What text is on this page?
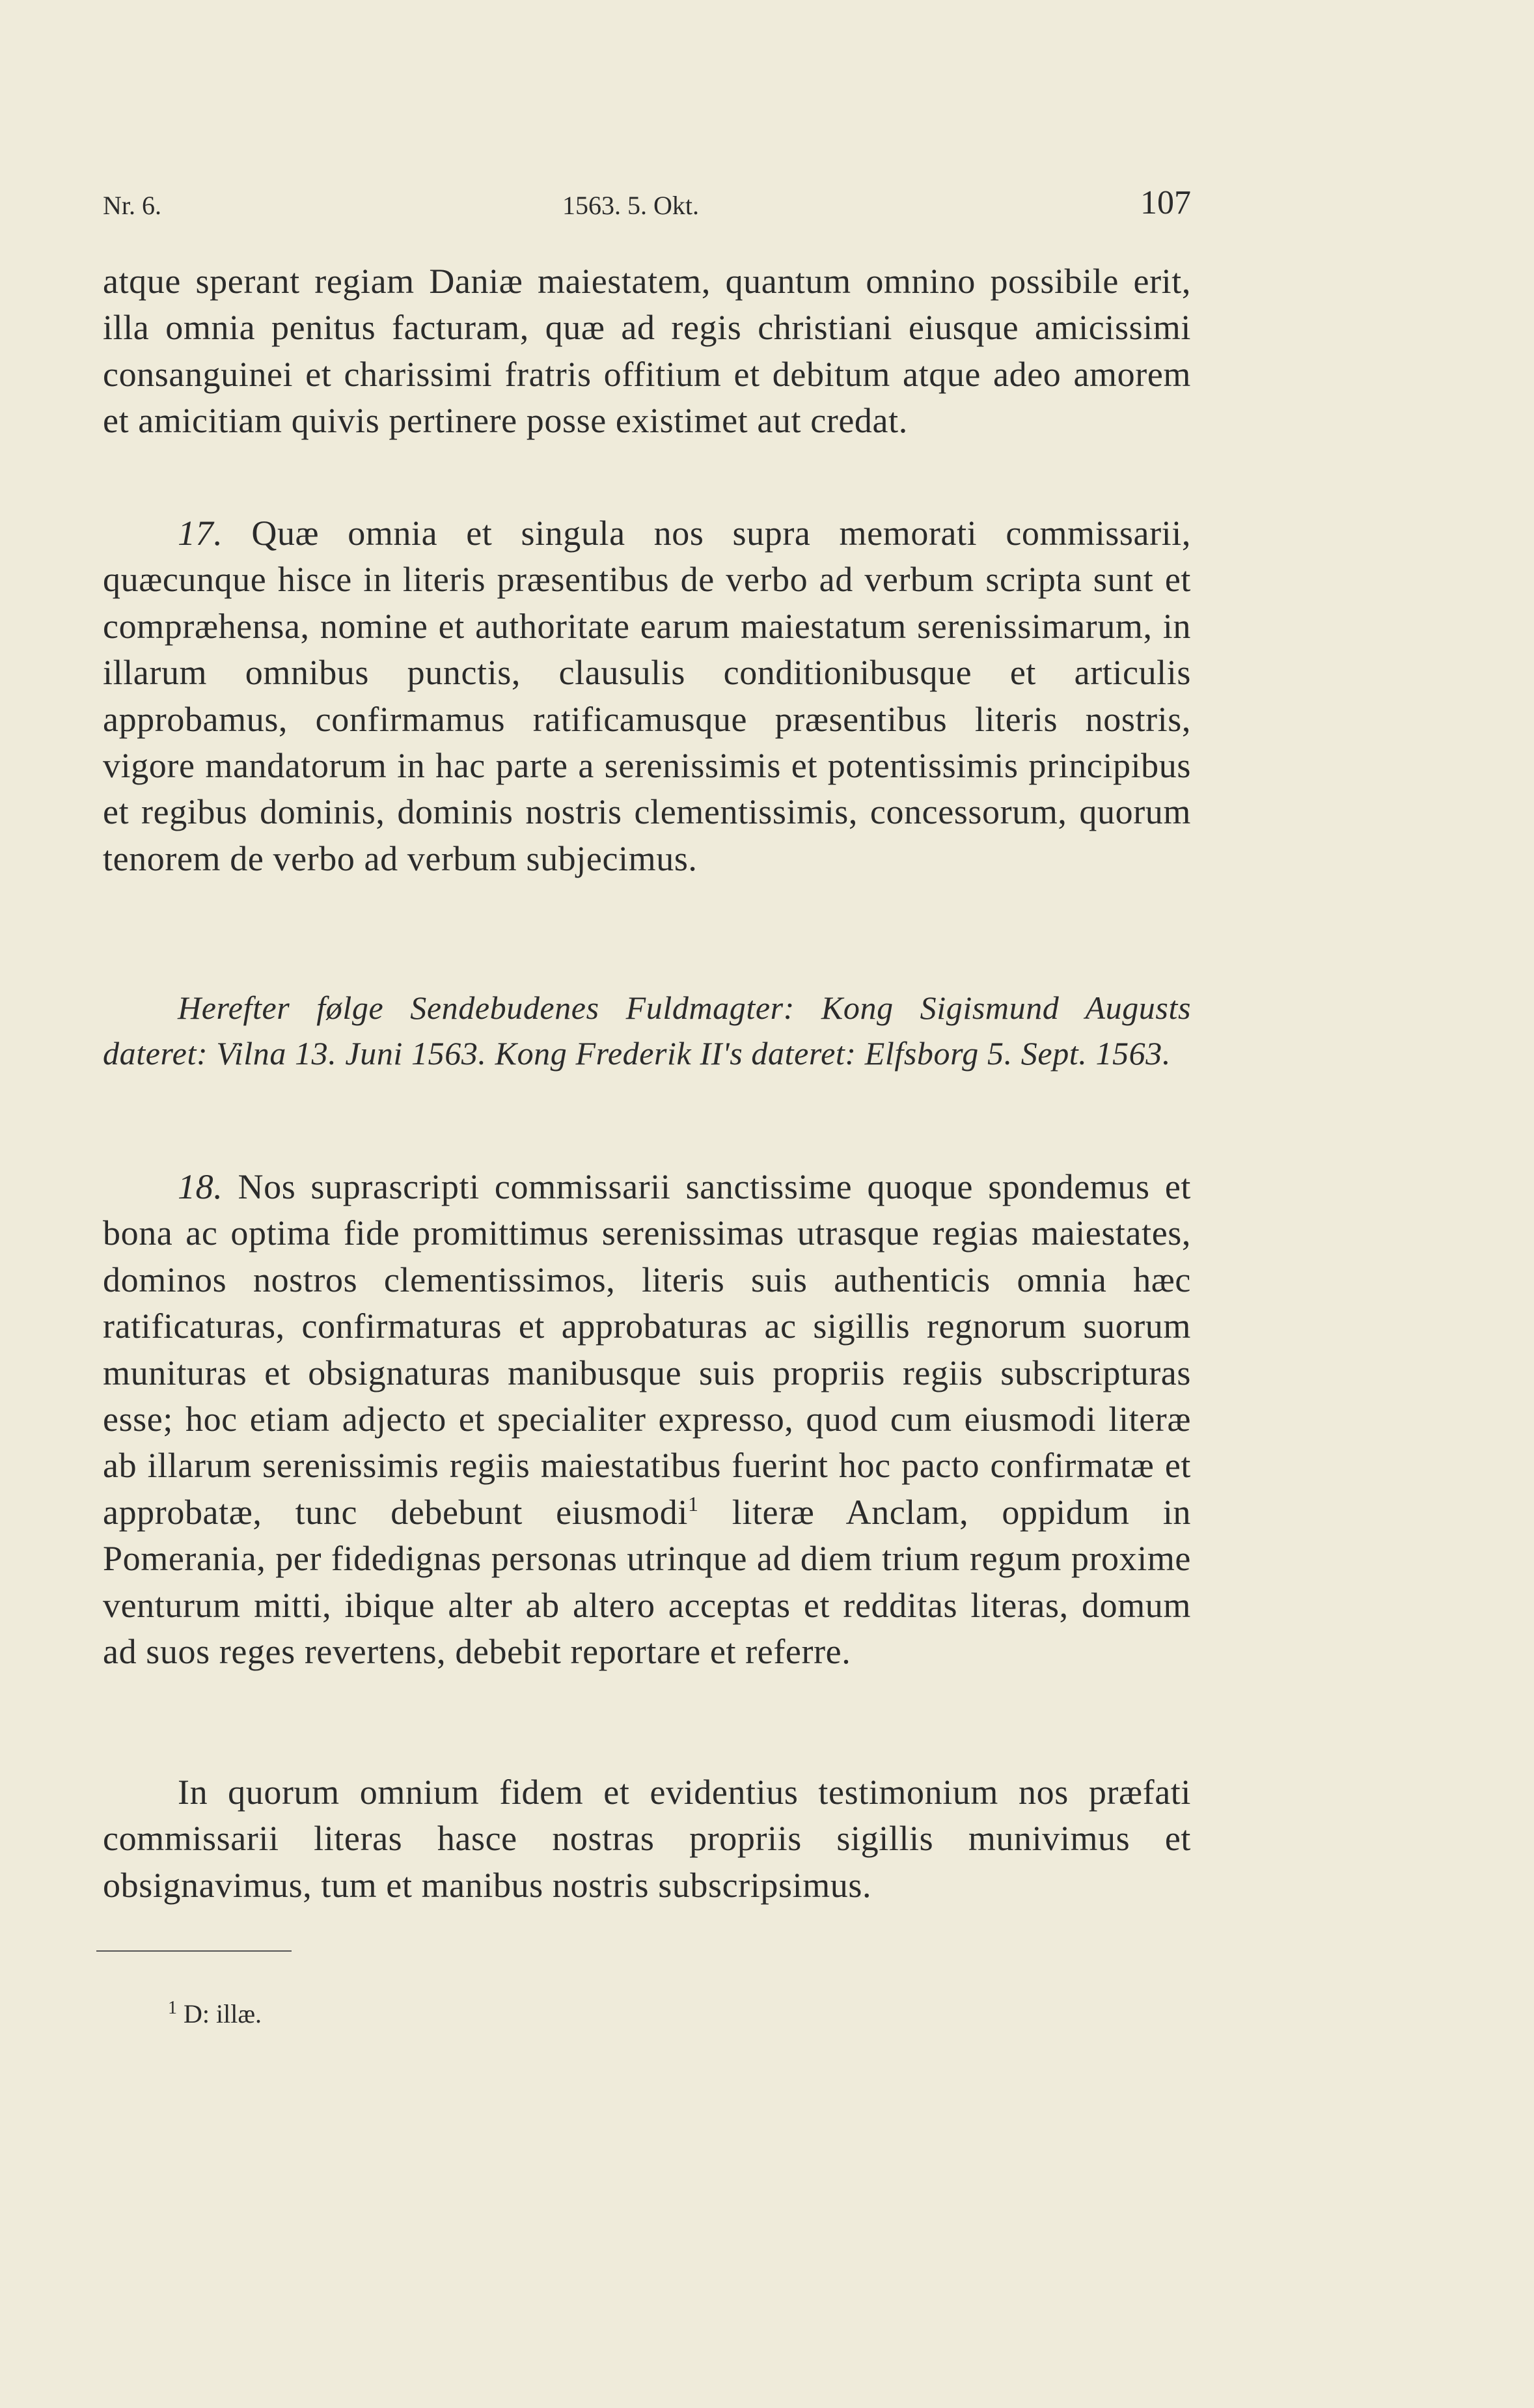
Nr. 6.	1563. 5. Okt.	107
atque sperant regiam Daniæ maiestatem, quantum omnino possibile erit, illa omnia penitus facturam, quæ ad regis christiani eiusque amicissimi consanguinei et charissimi fratris offitium et debitum atque adeo amorem et amicitiam quivis pertinere posse existimet aut credat.
17. Quæ omnia et singula nos supra memorati commissarii, quæcunque hisce in literis præsentibus de verbo ad verbum scripta sunt et compræhensa, nomine et authoritate earum maiestatum serenissimarum, in illarum omnibus punctis, clausulis conditionibusque et articulis approbamus, confirmamus ratificamusque præsentibus literis nostris, vigore mandatorum in hac parte a serenissimis et potentissimis principibus et regibus dominis, dominis nostris clementissimis, concessorum, quorum tenorem de verbo ad verbum subjecimus.
Herefter følge Sendebudenes Fuldmagter: Kong Sigismund Augusts dateret: Vilna 13. Juni 1563. Kong Frederik II's dateret: Elfsborg 5. Sept. 1563.
18. Nos suprascripti commissarii sanctissime quoque spondemus et bona ac optima fide promittimus serenissimas utrasque regias maiestates, dominos nostros clementissimos, literis suis authenticis omnia hæc ratificaturas, confirmaturas et approbaturas ac sigillis regnorum suorum munituras et obsignaturas manibusque suis propriis regiis subscripturas esse; hoc etiam adjecto et specialiter expresso, quod cum eiusmodi literæ ab illarum serenissimis regiis maiestatibus fuerint hoc pacto confirmatæ et approbatæ, tunc debebunt eiusmodi$^1$ literæ Anclam, oppidum in Pomerania, per fidedignas personas utrinque ad diem trium regum proxime venturum mitti, ibique alter ab altero acceptas et redditas literas, domum ad suos reges revertens, debebit reportare et referre.
In quorum omnium fidem et evidentius testimonium nos præfati commissarii literas hasce nostras propriis sigillis munivimus et obsignavimus, tum et manibus nostris subscripsimus.
$^1$ D: illæ.
